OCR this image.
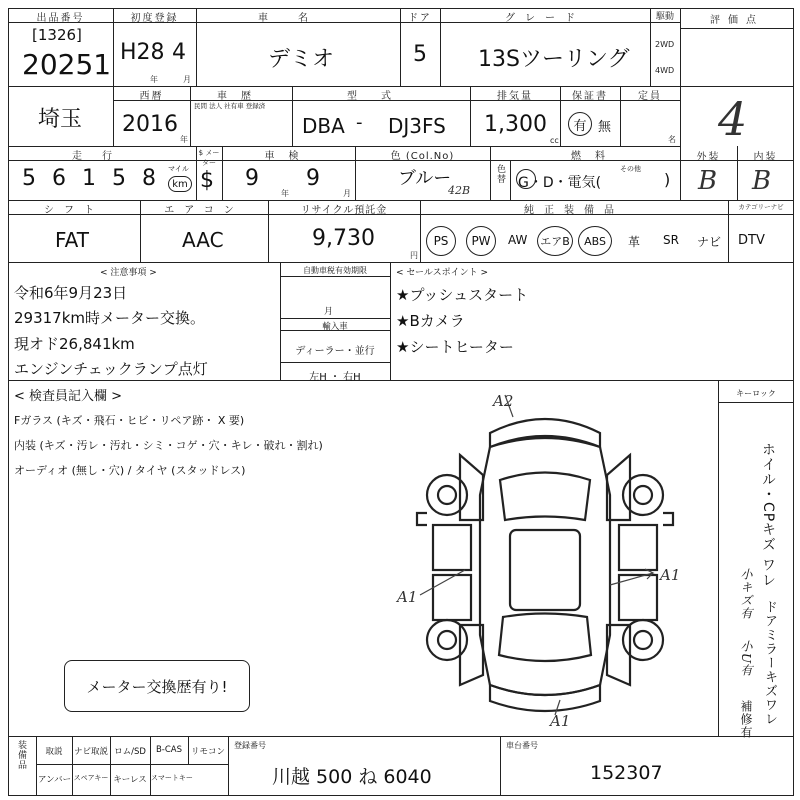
出品番号
[1326]
20251
初度登録
H28 4
年	月
車名
デミオ
ドア
5
グレード
13Sツーリング
駆動
2WD
4WD
評価点
4
埼玉
西暦
2016
年
車歴
民間 法人 社有車 登録済
型式
DBA - DJ3FS
排気量
1,300
cc
保証書
有 無
定員
名
走行
5 6 1 5 8	マイル
km
$ メーター
$
車検
9
年
9
月
色 (Col.No)
ブルー
42B
色替
燃料
G・D・電気(
その他
)
外装
B
内装
B
シフト
FAT
エアコン
AAC
リサイクル預託金
9,730
円
純正装備品
PS	PW	AW エアB	ABS	革 SR ナビ
カテゴリーナビ
DTV
< 注意事項 >
令和6年9月23日
29317km時メーター交換。
現オド26,841km
エンジンチェックランプ点灯
自動車税有効期限
月
輸入車
ディーラー・並行
左H ・ 右H
< セールスポイント >
★プッシュスタート
★Bカメラ
★シートヒーター
< 検査員記入欄 >
Fガラス (キズ・飛石・ヒビ・リペア跡・ X 要)
内装 (キズ・汚レ・汚れ・シミ・コゲ・穴・キレ・破れ・割れ)
オーディオ (無し・穴) / タイヤ (スタッドレス)
キーロック
A2
A1
A1
A1
メーター交換歴有り!
ホイル・CPキズ ワレ
小キズ有
ドアミラーキズワレ
小U有
補修有
装備品	取説	ナビ取説 ロム/SD	B-CAS	リモコン
アンバー スペアキー キーレス スマートキー
登録番号
川越 500 ね 6040
車台番号
152307
